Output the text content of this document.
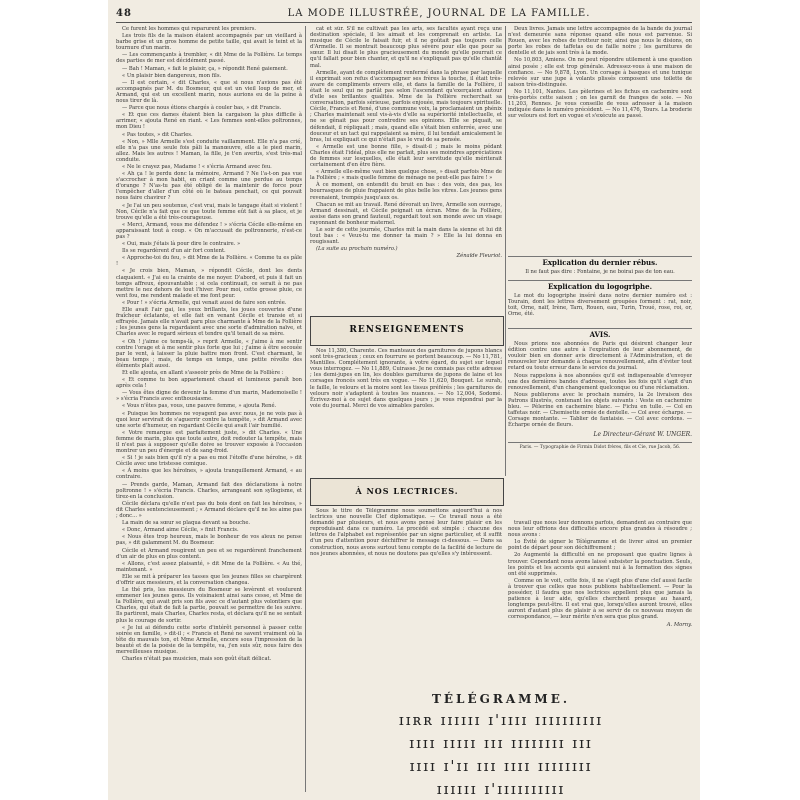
48	LA MODE ILLUSTRÉE, JOURNAL DE LA FAMILLE.

Ce furent les hommes qui reparurent les premiers.

Les trois fils de la maison étaient accompagnés par un vieillard à barbe grise et un gros homme de petite taille, qui avait le teint et la tournure d'un marin.

— Les commençants à trembler, « dit Mme de la Follière. Le temps des parties de mer est décidément passé.

— Bah ! Maman, « fait le plaisir, ça, » répondit René gaiement.

« Un plaisir bien dangereux, mon fils.

— Il est certain, « dit Charles, « que si nous n'avions pas été accompagnés par M. du Bosmeur, qui est un vieil loup de mer, et Armand, qui est un excellent marin, nous aurions eu de la peine à nous tirer de là.

— Parce que nous étions chargés à couler bas, » dit Francis.

« Et que ces dames étaient bien la cargaison la plus difficile à arrimer, « ajouta René en riant. « Les femmes sont-elles poltronnes, mon Dieu !

« Pas toutes, » dit Charles.

« Non, » Mlle Armelle s'est conduite vaillamment. Elle n'a pas crié, elle n'a pas une seule fois pâli la manœuvre, elle a le pied marin, allez. Mais les autres ! Maman, la fille, je t'en avertis, s'est très-mal conduite.

« Ne le crayez pas, Madame ! « s'écria Armand avec feu.

« Ah ça ! le perdu donc la mémoire, Armand ? Ne l'a-t-on pas vue s'accrocher à mon habit, en criant comme une perdue au temps d'orange ? N'as-tu pas été obligé de la maintenir de force pour l'empêcher d'aller d'un côté où le bateau penchait, ce qui pouvait nous faire chavirer ?

« Je l'ai un peu soutenue, c'est vrai, mais le tangage était si violent ! Non, Cécile n'a fait que ce que toute femme eût fait à sa place, et je trouve qu'elle a été très-courageuse.

« Merci, Armand, vous me défendez ! » s'écria Cécile elle-même en apparaissant tout à coup. « On m'accusait de poltronnerie, n'est-ce pas ?

« Oui, mais j'étais là pour dire le contraire. »

Ils se regardèrent d'un air fort content.

« Approche-toi du feu, » dit Mme de la Follière. « Comme tu es pâle !

« Je crois bien, Maman, » répondit Cécile, dont les dents claquaient. « J'ai eu la crainte de me noyer. D'abord, et puis il fait un temps affreux, épouvantable ; si cela continuait, ce serait à ne pas mettre le nez dehors de tout l'hiver. Pour moi, cette grosse pluie, ce vent fou, me rendent malade et me font peur.

« Pour ! » s'écria Armelle, qui venait aussi de faire son entrée.

Elle avait l'air gai, les yeux brillants, les joues couvertes d'une fraîcheur éclatante, et elle fait en venant Cécile et transie et si effrayée. Jamais elle n'avait paru plus charmante à Mme de la Follière ; les jeunes gens la regardaient avec une sorte d'admiration naïve, et Charles avec le regard sérieux et tendre qu'il tenait de sa mère.

« Oh ! j'aime ce temps-là, » reprit Armelle, « j'aime à me sentir contre l'orage et à me sentir plus forte que lui ; j'aime à être secouée par le vent, à laisser la pluie battre mon front. C'est charmant, le beau temps ; mais, de temps en temps, une petite révolte des éléments plaît aussi.

Et elle ajouta, en allant s'asseoir près de Mme de la Follière :

« Et comme tu bon appartement chaud et lumineux paraît bon après cela !

— Vous êtes digne de devenir la femme d'un marin, Mademoiselle ! » s'écria Francis avec enthousiasme.

« Vous n'êtes pas, vous, une pauvre femme, » ajouta René.

« Puisque les hommes ne voyagent pas avec nous, je ne vois pas à quoi leur servirait de s'aguerrir contre la tempête, » dit Armand avec une sorte d'humeur, en regardant Cécile qui avait l'air humilié.

« Votre remarque est parfaitement juste, » dit Charles. « Une femme de marin, plus que toute autre, doit redouter la tempête, mais il n'est pas à supposer qu'elle doive se trouver exposée à l'occasion montrer un peu d'énergie et de sang-froid.

« Si ! je sais bien qu'il n'y a pas eu moi l'étoffe d'une héroïne, » dit Cécile avec une tristesse comique.

« À moins que les héroïnes, » ajouta tranquillement Armand, « au contraire.

— Prends garde, Maman, Armand fait des déclarations à notre poltronne ! » s'écria Francis. Charles, arrangeant son syllogisme, et tirez-en la conclusion.

Cécile déclara qu'elle n'est pas du bois dont on fait les héroïnes, » dit Charles sentencieusement ; « Armand déclare qu'il ne les aime pas ; donc... »

La main de sa sœur se plaqua devant sa bouche.

« Donc, Armand aime Cécile, » finit Francis.

« Nous êtes trop heureux, mais le bonheur de vos aïeux ne pense pas, » dit galamment M. du Bosmeur.

Cécile et Armand rougirent un peu et se regardèrent franchement d'un air de plus en plus content.

« Allons, c'est assez plaisanté, » dit Mme de la Follière. « Au thé, maintenant. »

Elle se mit à préparer les tasses que les jeunes filles se chargèrent d'offrir aux messieurs, et la conversation changea.

Le thé pris, les messieurs du Bosmeur se levèrent et voulurent emmener les jeunes gens. Ils voisinaient ainsi sans cesse, et Mme de la Follière, qui avait pris son fils avec ce d'autant plus volontiers que Charles, qui était de fait la partie, pouvait se permettre de les suivre. Ils partirent, mais Charles, Charles resta, et déclara qu'il ne se sentait plus le courage de sortir.

« Je lui ai défendu cette sorte d'intérêt personnel à passer cette soirée en famille, » dit-il ; « Francis et René ne savent vraiment où la tête du mauvais ton, et Mme Armelle, encore sous l'impression de la beauté et de la poésie de la tempête, va, j'en suis sûr, nous faire des merveilleuses musique.

Charles n'était pas musicien, mais son goût était délicat.

cat et sûr. S'il ne cultivait pas les arts, ses facultés ayant reçu une destination spéciale, il les aimait et les comprenait en artiste. La musique de Cécile le faisait fuir, et il ne goûtait pas toujours celle d'Armelle. Il se montrait beaucoup plus sévère pour elle que pour sa sœur. Il lui disait le plus gracieusement du monde qu'elle pourrait ce qu'il fallait pour bien chanter, et qu'il ne s'expliquait pas qu'elle chantât mal.

Armelle, ayant de complètement renfermé dans la phrase par laquelle il exprimait son refus d'accompagner ses frères la touche, il était très-avare de compliments envers elle, et dans la famille de la Follière, il était le seul qui ne parlât pas selon l'ascendant qu'exerçaient autour d'elle ses brillantes qualités. Mme de la Follière recherchait sa conversation, parfois sérieuse, parfois enjouée, mais toujours spirituelle. Cécile, Francis et René, d'une commune voix, la proclamaient un phénix ; Charles maintenait seul vis-à-vis d'elle sa supériorité intellectuelle, et ne se gênait pas pour contredire ses opinions. Elle se piquait, se défendait, il répliquait ; mais, quand elle s'était bien enferrée, avec une douceur et un tact qui rappelaient sa mère, il lui tendait amicalement le bras, lui expliquait ce qui n'était pas le vrai de sa pensée.

« Armelle est une bonne fille, » disait-il ; mais le moins pédant Charles était l'idéal, plus elle ne parlait, plus ses moindres appréciations de femmes sur lesquelles, elle était leur servitude qu'elle mériterait certainement d'en être fière.

« Armelle elle-même vaut bien quelque chose, » disait parfois Mme de la Follière ; « mais quelle femme de ménage ne peut-elle pas faire ! »

À ce moment, on entendit du bruit en bas : des voix, des pas, les bourrasques de pluie frappaient de plus belle les vitres. Les jeunes gens revenaient, trempés jusqu'aux os.

Chacun se mit au travail. René dévorait un livre, Armelle son ouvrage, Armand dessinait, et Cécile peignait un écran. Mme de la Follière, assise dans son grand fauteuil, regardait tout son monde avec un visage rayonnant de bonheur maternel.

Le soir de cette journée, Charles mit la main dans la sienne et lui dit tout bas : « Veux-tu me donner ta main ? » Elle la lui donna en rougissant.

(La suite au prochain numéro.)

Zénaïde Fleuriot.
RENSEIGNEMENTS

Nos 11,380, Charente. Ces manteaux des garnitures de jupons blancs sont très-gracieux ; ceux en fourrure se portent beaucoup. — No 11,781, Mantilles. Complétement ignorante, à votre égard, du sujet sur lequel vous interrogez. — No 11,889, Cuirasse. Je ne connais pas cette adresse ; les demi-jupes en lin, les doubles garnitures de jupons de laine et les corsages froncés sont très en vogue. — No 11,620, Bouquet. Le surah, le faille, le velours et la moire sont les tissus préférés ; les garnitures de velours noir s'adaptent à toutes les nuances. — No 12,004, Sodomé. Écrivez-moi à ce sujet dans quelques jours ; je vous répondrai par la voie du journal. Merci de vos aimables paroles.

À NOS LECTRICES.

Sous le titre de Télégramme nous soumettons aujourd'hui à nos lectrices une nouvelle Clef diplomatique. — Ce travail nous a été demandé par plusieurs, et nous avons pensé leur faire plaisir en les reproduisant dans ce numéro. Le procédé est simple : chacune des lettres de l'alphabet est représentée par un signe particulier, et il suffit d'un peu d'attention pour déchiffrer le message ci-dessous. — Dans sa construction, nous avons surtout tenu compte de la facilité de lecture de nos jeunes abonnées, et nous ne doutons pas qu'elles s'y intéressent.

Deux livres. Jamais une lettre accompagnée de la bande du journal n'est demeurée sans réponse quand elle nous est parvenue. Si Rouen, avec les robes de trotteur noir, ainsi que nous le disions, on porte les robes de taffetas ou de faille noire ; les garnitures de dentelle et de jais sont très à la mode.

No 10,803, Amiens. On ne peut répondre utilement à une question ainsi posée ; elle est trop générale. Adressez-vous à une maison de confiance. — No 9,878, Lyon. Un corsage à basques et une tunique relevée sur une jupe à volants plissés composent une toilette de saison très-distinguée.

No 11,101, Nantes. Les pèlerines et les fichus en cachemire sont très-portés cette saison ; on les garnit de franges de soie. — No 11,203, Rennes. Je vous conseille de vous adresser à la maison indiquée dans le numéro précédent. — No 11,476, Tours. La broderie sur velours est fort en vogue et s'exécute au passé.

Explication du dernier rébus.

Il ne faut pas dire : Fontaine, je ne boirai pas de ton eau.

Explication du logogriphe.

Le mot du logogriphe inséré dans notre dernier numéro est : Tourain, dont les lettres diversement groupées forment : rat, noir, toit, Orne, naïf, Irène, Tarn, Rouen, eau, Turin, Troué, rose, roi, or, Orne, été.

AVIS.

Nous prions nos abonnées de Paris qui désirent changer leur édition contre une autre à l'expiration de leur abonnement, de vouloir bien en donner avis directement à l'Administration, et de renouveler leur demande à chaque renouvellement, afin d'éviter tout retard ou toute erreur dans le service du journal.

Nous rappelons à nos abonnées qu'il est indispensable d'envoyer une des dernières bandes d'adresse, toutes les fois qu'il s'agit d'un renouvellement, d'un changement quelconque ou d'une réclamation.

Nous publierons avec le prochain numéro, la 2e livraison des Patrons illustrés, contenant les objets suivants : Veste en cachemire bleu. — Pèlerine en cachemire blanc. — Fichu en tulle. — Col en taffetas noir. — Chemisette ornée de dentelle. — Col avec écharpe. — Corsage montante. — Tablier de fantaisie. — Col avec cordons. — Écharpe ornée de fleurs.

Le Directeur-Gérant W. UNGER.
Paris. — Typographie de Firmin Didot frères, fils et Cie, rue Jacob, 56.

travail que nous leur donnons parfois, demandent au contraire que nous leur offrions des difficultés encore plus grandes à résoudre ; nous avons :

1o Évité de signer le Télégramme et de livrer ainsi un premier point de départ pour son déchiffrement ;

2o Augmenté la difficulté en ne proposant que quatre lignes à trouver. Cependant nous avons laissé subsister la ponctuation. Seuls, les points et les accents qui auraient nui à la formation des signes ont été supprimés.

Comme on le voit, cette fois, il ne s'agit plus d'une clef aussi facile à trouver que celles que nous publions habituellement. — Pour la posséder, il faudra que nos lectrices appellent plus que jamais la patience à leur aide, qu'elles cherchent presque au hasard, longtemps peut-être. Il est vrai que, lorsqu'elles auront trouvé, elles auront d'autant plus de plaisir à se servir de ce nouveau moyen de correspondance, — leur mérite n'en sera que plus grand.

A. Morny.
TÉLÉGRAMME.
ɪɪʀʀ ɪɪɪɪɪɪ ɪ'ɪɪɪɪ ɪɪɪɪɪɪɪɪɪɪ
ɪɪɪɪ ɪɪɪɪɪ ɪɪɪ ɪɪɪɪɪɪɪɪ ɪɪɪ
ɪɪɪɪ ɪ'ɪɪ ɪɪɪ ɪɪɪɪ ɪɪɪɪɪɪɪɪ
ɪɪɪɪɪɪ ɪ'ɪɪɪɪɪɪɪɪɪɪ
